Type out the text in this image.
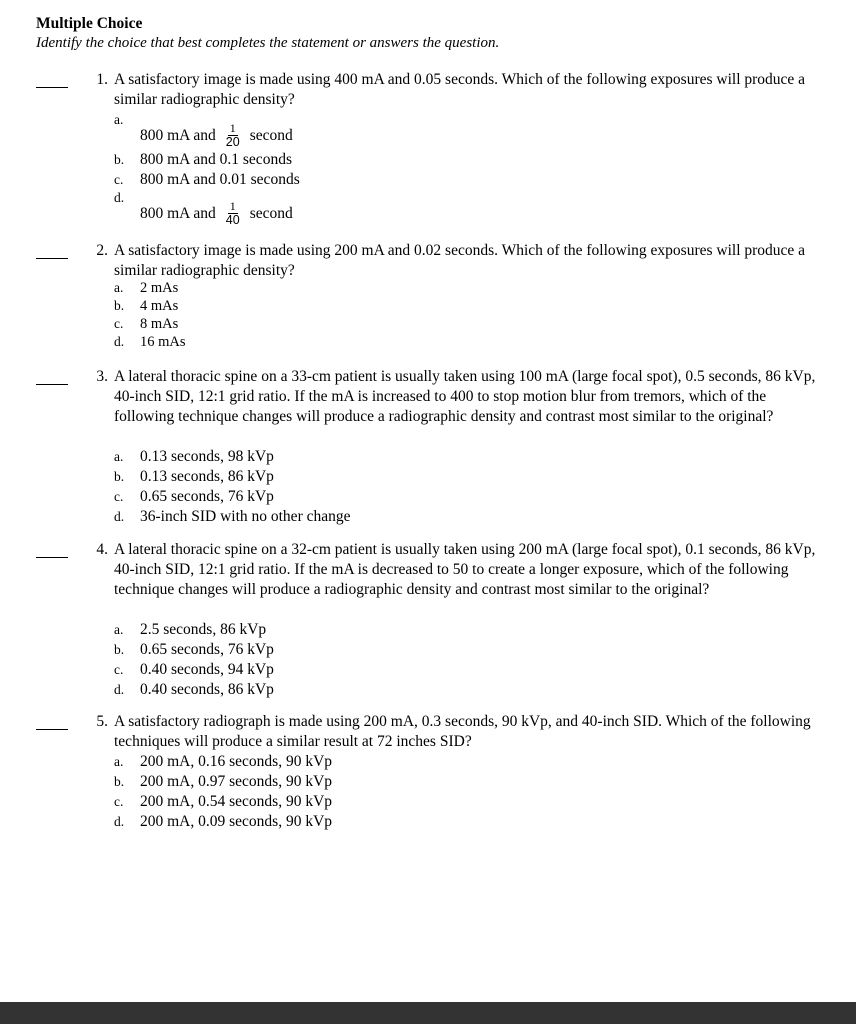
Multiple Choice
Identify the choice that best completes the statement or answers the question.
1. A satisfactory image is made using 400 mA and 0.05 seconds. Which of the following exposures will produce a similar radiographic density?
a.
800 mA and $\frac{1}{20}$ second
b. 800 mA and 0.1 seconds
c. 800 mA and 0.01 seconds
d.
800 mA and $\frac{1}{40}$ second
2. A satisfactory image is made using 200 mA and 0.02 seconds. Which of the following exposures will produce a similar radiographic density?
a.	2 mAs
b. 4 mAs
c.	8 mAs
d. 16 mAs
3. A lateral thoracic spine on a 33-cm patient is usually taken using 100 mA (large focal spot), 0.5 seconds, 86 kVp, 40-inch SID, 12:1 grid ratio. If the mA is increased to 400 to stop motion blur from tremors, which of the following technique changes will produce a radiographic density and contrast most similar to the original?
a. 0.13 seconds, 98 kVp
b. 0.13 seconds, 86 kVp
c. 0.65 seconds, 76 kVp
d. 36-inch SID with no other change
4. A lateral thoracic spine on a 32-cm patient is usually taken using 200 mA (large focal spot), 0.1 seconds, 86 kVp, 40-inch SID, 12:1 grid ratio. If the mA is decreased to 50 to create a longer exposure, which of the following technique changes will produce a radiographic density and contrast most similar to the original?
a. 2.5 seconds, 86 kVp
b. 0.65 seconds, 76 kVp
c. 0.40 seconds, 94 kVp
d. 0.40 seconds, 86 kVp
5. A satisfactory radiograph is made using 200 mA, 0.3 seconds, 90 kVp, and 40-inch SID. Which of the following techniques will produce a similar result at 72 inches SID?
a. 200 mA, 0.16 seconds, 90 kVp
b. 200 mA, 0.97 seconds, 90 kVp
c. 200 mA, 0.54 seconds, 90 kVp
d. 200 mA, 0.09 seconds, 90 kVp
